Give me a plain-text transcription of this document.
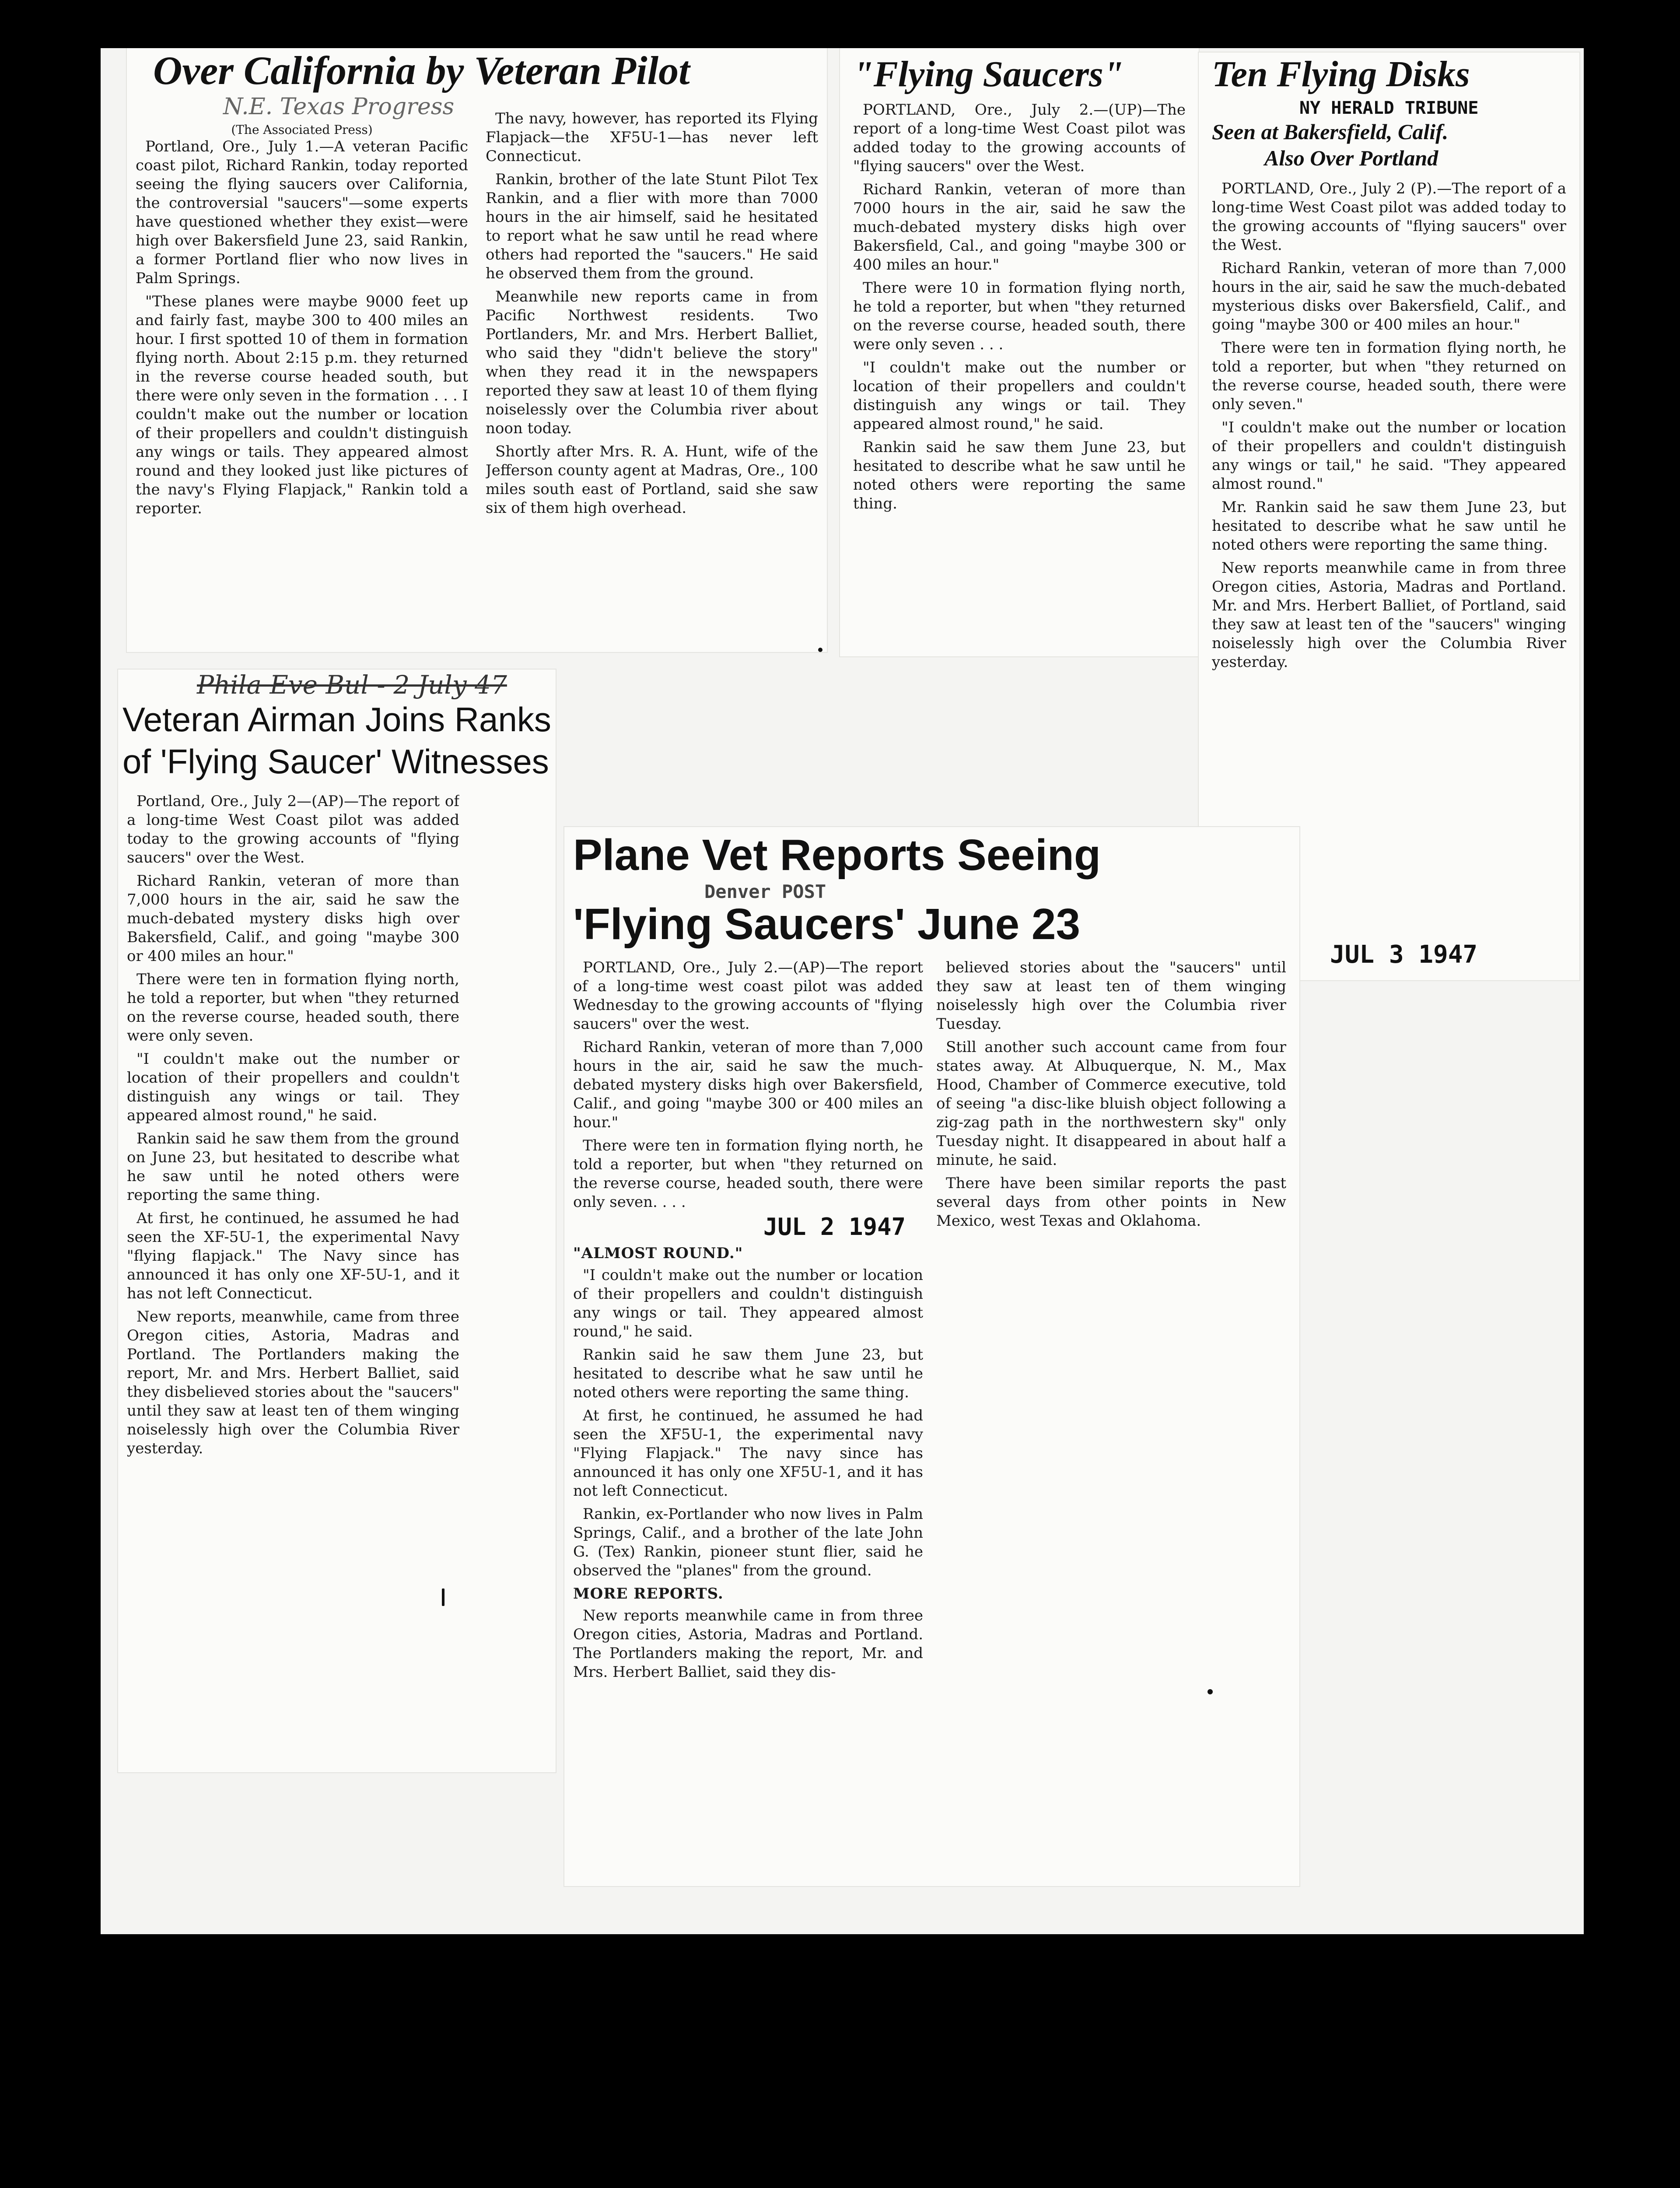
Over California by Veteran Pilot
N.E. Texas Progress
(The Associated Press)

Portland, Ore., July 1.—A veteran Pacific coast pilot, Richard Rankin, today reported seeing the flying saucers over California, the controversial "saucers"—some experts have questioned whether they exist—were high over Bakersfield June 23, said Rankin, a former Portland flier who now lives in Palm Springs.

"These planes were maybe 9000 feet up and fairly fast, maybe 300 to 400 miles an hour. I first spotted 10 of them in formation flying north. About 2:15 p.m. they returned in the reverse course headed south, but there were only seven in the formation . . . I couldn't make out the number or location of their propellers and couldn't distinguish any wings or tails. They appeared almost round and they looked just like pictures of the navy's Flying Flapjack," Rankin told a reporter.

The navy, however, has reported its Flying Flapjack—the XF5U-1—has never left Connecticut.

Rankin, brother of the late Stunt Pilot Tex Rankin, and a flier with more than 7000 hours in the air himself, said he hesitated to report what he saw until he read where others had reported the "saucers." He said he observed them from the ground.

Meanwhile new reports came in from Pacific Northwest residents. Two Portlanders, Mr. and Mrs. Herbert Balliet, who said they "didn't believe the story" when they read it in the newspapers reported they saw at least 10 of them flying noiselessly over the Columbia river about noon today.

Shortly after Mrs. R. A. Hunt, wife of the Jefferson county agent at Madras, Ore., 100 miles south east of Portland, said she saw six of them high overhead.

"Flying Saucers"

PORTLAND, Ore., July 2.—(UP)—The report of a long-time West Coast pilot was added today to the growing accounts of "flying saucers" over the West.

Richard Rankin, veteran of more than 7000 hours in the air, said he saw the much-debated mystery disks high over Bakersfield, Cal., and going "maybe 300 or 400 miles an hour."

There were 10 in formation flying north, he told a reporter, but when "they returned on the reverse course, headed south, there were only seven . . .

"I couldn't make out the number or location of their propellers and couldn't distinguish any wings or tail. They appeared almost round," he said.

Rankin said he saw them June 23, but hesitated to describe what he saw until he noted others were reporting the same thing.

Ten Flying Disks
NY HERALD TRIBUNE
Seen at Bakersfield, Calif.
Also Over Portland

PORTLAND, Ore., July 2 (P).—The report of a long-time West Coast pilot was added today to the growing accounts of "flying saucers" over the West.

Richard Rankin, veteran of more than 7,000 hours in the air, said he saw the much-debated mysterious disks over Bakersfield, Calif., and going "maybe 300 or 400 miles an hour."

There were ten in formation flying north, he told a reporter, but when "they returned on the reverse course, headed south, there were only seven."

"I couldn't make out the number or location of their propellers and couldn't distinguish any wings or tail," he said. "They appeared almost round."

Mr. Rankin said he saw them June 23, but hesitated to describe what he saw until he noted others were reporting the same thing.

New reports meanwhile came in from three Oregon cities, Astoria, Madras and Portland. Mr. and Mrs. Herbert Balliet, of Portland, said they saw at least ten of the "saucers" winging noiselessly high over the Columbia River yesterday.

JUL 3 1947
Phila Eve Bul - 2 July 47
Veteran Airman Joins Ranks
of 'Flying Saucer' Witnesses

Portland, Ore., July 2—(AP)—The report of a long-time West Coast pilot was added today to the growing accounts of "flying saucers" over the West.

Richard Rankin, veteran of more than 7,000 hours in the air, said he saw the much-debated mystery disks high over Bakersfield, Calif., and going "maybe 300 or 400 miles an hour."

There were ten in formation flying north, he told a reporter, but when "they returned on the reverse course, headed south, there were only seven.

"I couldn't make out the number or location of their propellers and couldn't distinguish any wings or tail. They appeared almost round," he said.

Rankin said he saw them from the ground on June 23, but hesitated to describe what he saw until he noted others were reporting the same thing.

At first, he continued, he assumed he had seen the XF-5U-1, the experimental Navy "flying flapjack." The Navy since has announced it has only one XF-5U-1, and it has not left Connecticut.

New reports, meanwhile, came from three Oregon cities, Astoria, Madras and Portland. The Portlanders making the report, Mr. and Mrs. Herbert Balliet, said they disbelieved stories about the "saucers" until they saw at least ten of them winging noiselessly high over the Columbia River yesterday.

Plane Vet Reports Seeing
Denver POST
'Flying Saucers' June 23

PORTLAND, Ore., July 2.—(AP)—The report of a long-time west coast pilot was added Wednesday to the growing accounts of "flying saucers" over the west.

Richard Rankin, veteran of more than 7,000 hours in the air, said he saw the much-debated mystery disks high over Bakersfield, Calif., and going "maybe 300 or 400 miles an hour."

There were ten in formation flying north, he told a reporter, but when "they returned on the reverse course, headed south, there were only seven. . . .

JUL 2 1947
"ALMOST ROUND."

"I couldn't make out the number or location of their propellers and couldn't distinguish any wings or tail. They appeared almost round," he said.

Rankin said he saw them June 23, but hesitated to describe what he saw until he noted others were reporting the same thing.

At first, he continued, he assumed he had seen the XF5U-1, the experimental navy "Flying Flapjack." The navy since has announced it has only one XF5U-1, and it has not left Connecticut.

Rankin, ex-Portlander who now lives in Palm Springs, Calif., and a brother of the late John G. (Tex) Rankin, pioneer stunt flier, said he observed the "planes" from the ground.

MORE REPORTS.

New reports meanwhile came in from three Oregon cities, Astoria, Madras and Portland. The Portlanders making the report, Mr. and Mrs. Herbert Balliet, said they dis-

believed stories about the "saucers" until they saw at least ten of them winging noiselessly high over the Columbia river Tuesday.

Still another such account came from four states away. At Albuquerque, N. M., Max Hood, Chamber of Commerce executive, told of seeing "a disc-like bluish object following a zig-zag path in the northwestern sky" only Tuesday night. It disappeared in about half a minute, he said.

There have been similar reports the past several days from other points in New Mexico, west Texas and Oklahoma.
